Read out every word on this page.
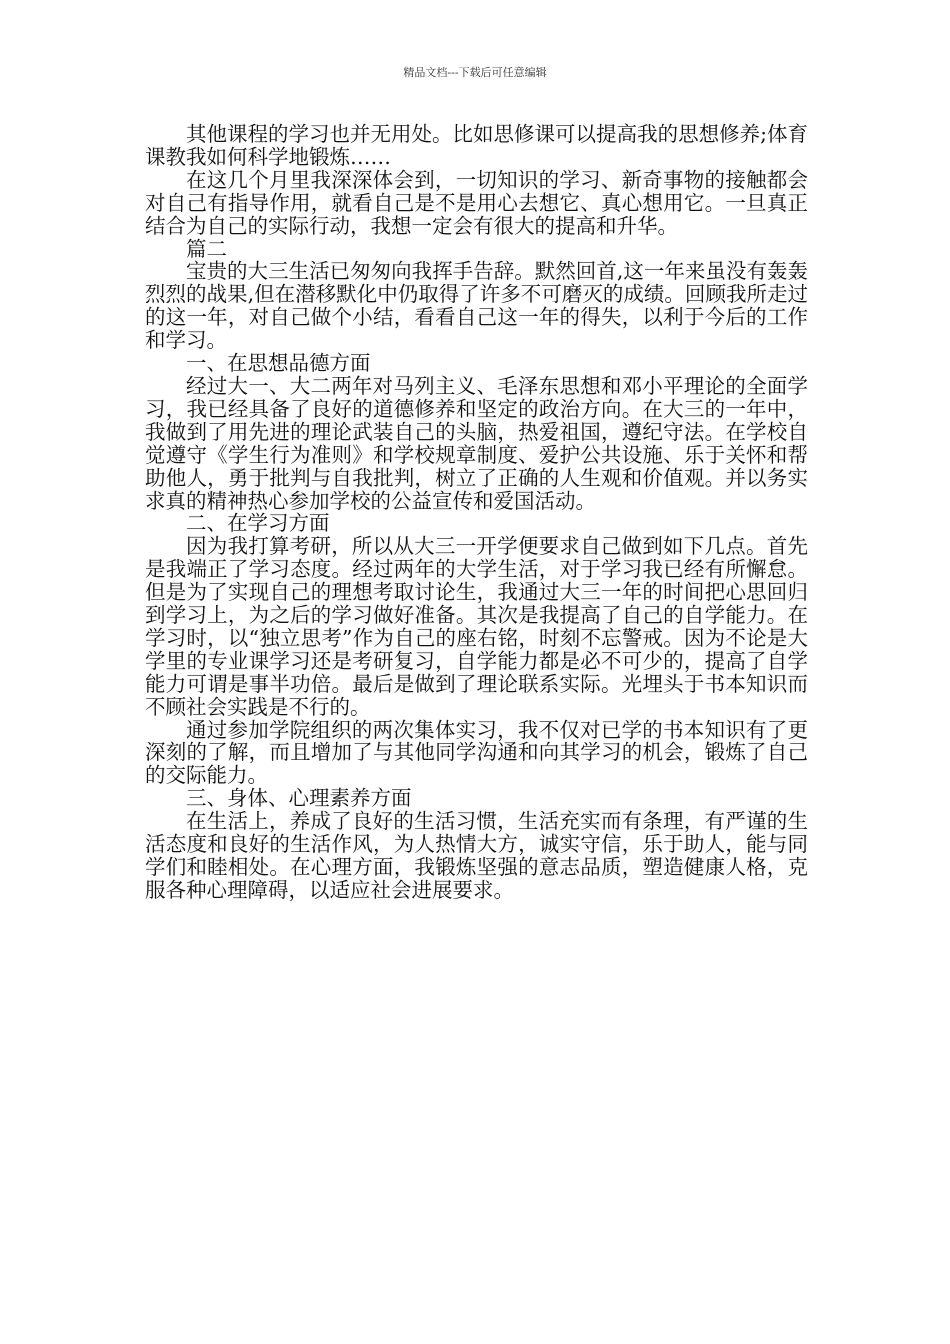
精品文档---下载后可任意编辑

其他课程的学习也并无用处。比如思修课可以提高我的思想修养;体育课教我如何科学地锻炼……

在这几个月里我深深体会到，一切知识的学习、新奇事物的接触都会对自己有指导作用，就看自己是不是用心去想它、真心想用它。一旦真正结合为自己的实际行动，我想一定会有很大的提高和升华。

篇二

宝贵的大三生活已匆匆向我挥手告辞。默然回首,这一年来虽没有轰轰烈烈的战果,但在潜移默化中仍取得了许多不可磨灭的成绩。回顾我所走过的这一年，对自己做个小结，看看自己这一年的得失，以利于今后的工作和学习。

一、在思想品德方面

经过大一、大二两年对马列主义、毛泽东思想和邓小平理论的全面学习，我已经具备了良好的道德修养和坚定的政治方向。在大三的一年中，我做到了用先进的理论武装自己的头脑，热爱祖国，遵纪守法。在学校自觉遵守《学生行为准则》和学校规章制度、爱护公共设施、乐于关怀和帮助他人，勇于批判与自我批判，树立了正确的人生观和价值观。并以务实求真的精神热心参加学校的公益宣传和爱国活动。

二、在学习方面

因为我打算考研，所以从大三一开学便要求自己做到如下几点。首先是我端正了学习态度。经过两年的大学生活，对于学习我已经有所懈怠。但是为了实现自己的理想考取讨论生，我通过大三一年的时间把心思回归到学习上，为之后的学习做好准备。其次是我提高了自己的自学能力。在学习时，以“独立思考”作为自己的座右铭，时刻不忘警戒。因为不论是大学里的专业课学习还是考研复习，自学能力都是必不可少的，提高了自学能力可谓是事半功倍。最后是做到了理论联系实际。光埋头于书本知识而不顾社会实践是不行的。

通过参加学院组织的两次集体实习，我不仅对已学的书本知识有了更深刻的了解，而且增加了与其他同学沟通和向其学习的机会，锻炼了自己的交际能力。

三、身体、心理素养方面

在生活上，养成了良好的生活习惯，生活充实而有条理，有严谨的生活态度和良好的生活作风，为人热情大方，诚实守信，乐于助人，能与同学们和睦相处。在心理方面，我锻炼坚强的意志品质，塑造健康人格，克服各种心理障碍，以适应社会进展要求。
